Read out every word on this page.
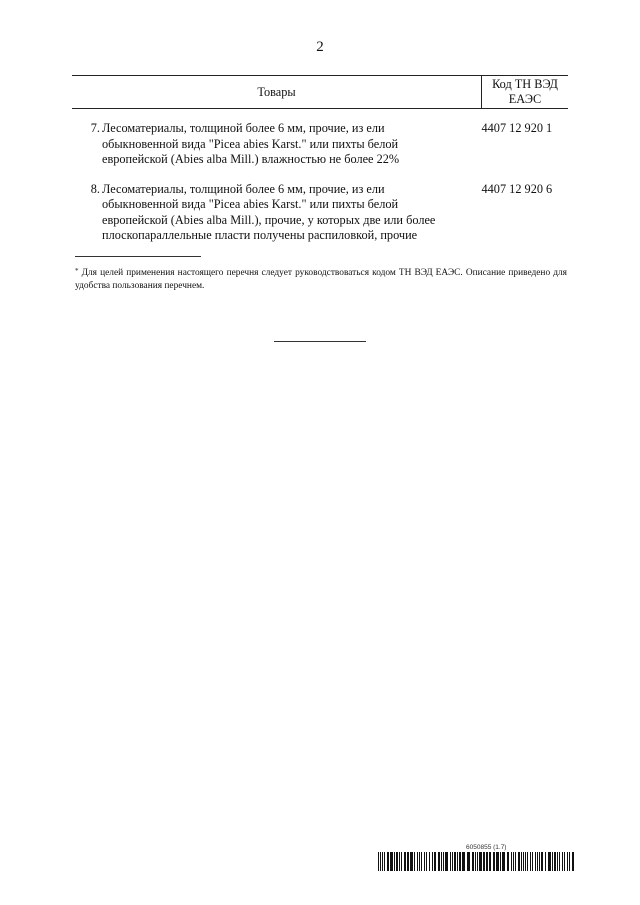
2
Товары		Код ТН ВЭД
ЕАЭС

7.	Лесоматериалы, толщиной более 6 мм, прочие, из ели
обыкновенной вида "Picea abies Karst." или пихты белой
европейской (Abies alba Mill.) влажностью не более 22%	4407 12 920 1

8.	Лесоматериалы, толщиной более 6 мм, прочие, из ели
обыкновенной вида "Picea abies Karst." или пихты белой
европейской (Abies alba Mill.), прочие, у которых две или более
плоскопараллельные пласти получены распиловкой, прочие	4407 12 920 6
* Для целей применения настоящего перечня следует руководствоваться кодом ТН ВЭД ЕАЭС. Описание приведено для удобства пользования перечнем.
6050855 (1.7)
